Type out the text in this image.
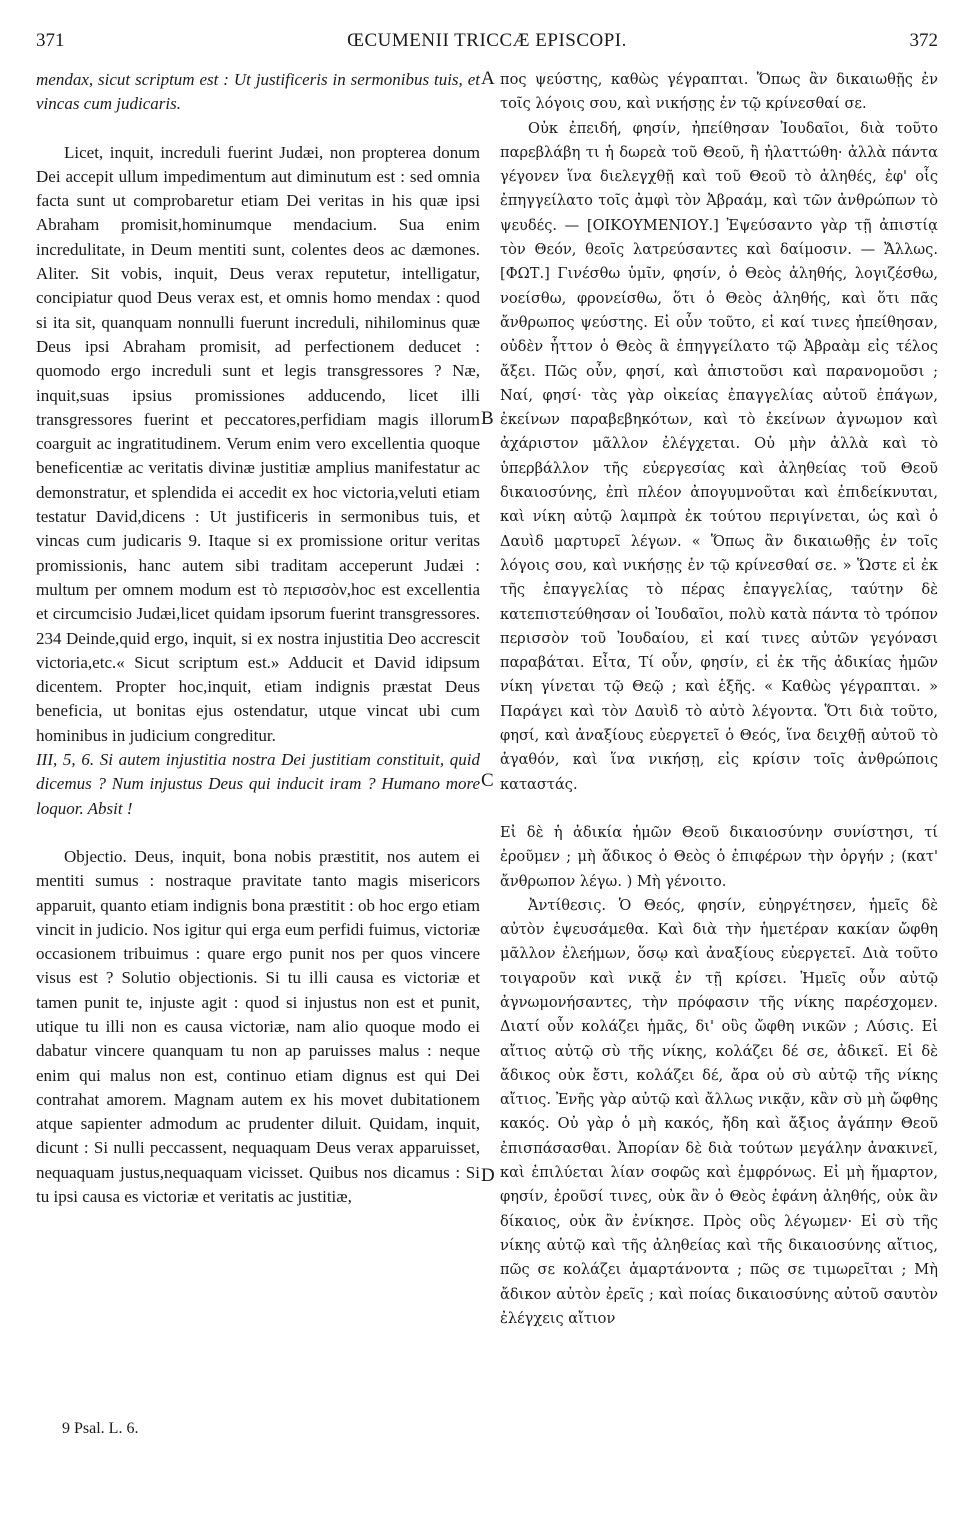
371	ŒCUMENII TRICCÆ EPISCOPI.	372

mendax, sicut scriptum est : Ut justificeris in sermonibus tuis, et vincas cum judicaris.

Licet, inquit, increduli fuerint Judæi, non propterea donum Dei accepit ullum impedimentum aut diminutum est : sed omnia facta sunt ut comprobaretur etiam Dei veritas in his quæ ipsi Abraham promisit,hominumque mendacium. Sua enim incredulitate, in Deum mentiti sunt, colentes deos ac dæmones. Aliter. Sit vobis, inquit, Deus verax reputetur, intelligatur, concipiatur quod Deus verax est, et omnis homo mendax : quod si ita sit, quanquam nonnulli fuerunt increduli, nihilominus quæ Deus ipsi Abraham promisit, ad perfectionem deducet : quomodo ergo increduli sunt et legis transgressores ? Næ, inquit,suas ipsius promissiones adducendo, licet illi transgressores fuerint et peccatores,perfidiam magis illorum coarguit ac ingratitudinem. Verum enim vero excellentia quoque beneficentiæ ac veritatis divinæ justitiæ amplius manifestatur ac demonstratur, et splendida ei accedit ex hoc victoria,veluti etiam testatur David,dicens : Ut justificeris in sermonibus tuis, et vincas cum judicaris 9. Itaque si ex promissione oritur veritas promissionis, hanc autem sibi traditam acceperunt Judæi : multum per omnem modum est τὸ περισσὸν,hoc est excellentia et circumcisio Judæi,licet quidam ipsorum fuerint transgressores. 234 Deinde,quid ergo, inquit, si ex nostra injustitia Deo accrescit victoria,etc.« Sicut scriptum est.» Adducit et David idipsum dicentem. Propter hoc,inquit, etiam indignis præstat Deus beneficia, ut bonitas ejus ostendatur, utque vincat ubi cum hominibus in judicium congreditur.

III, 5, 6. Si autem injustitia nostra Dei justitiam constituit, quid dicemus ? Num injustus Deus qui inducit iram ? Humano more loquor. Absit !

Objectio. Deus, inquit, bona nobis præstitit, nos autem ei mentiti sumus : nostraque pravitate tanto magis misericors apparuit, quanto etiam indignis bona præstitit : ob hoc ergo etiam vincit in judicio. Nos igitur qui erga eum perfidi fuimus, victoriæ occasionem tribuimus : quare ergo punit nos per quos vincere visus est ? Solutio objectionis. Si tu illi causa es victoriæ et tamen punit te, injuste agit : quod si injustus non est et punit, utique tu illi non es causa victoriæ, nam alio quoque modo ei dabatur vincere quanquam tu non ap paruisses malus : neque enim qui malus non est, continuo etiam dignus est qui Dei contrahat amorem. Magnam autem ex his movet dubitationem atque sapienter admodum ac prudenter diluit. Quidam, inquit, dicunt : Si nulli peccassent, nequaquam Deus verax apparuisset, nequaquam justus,nequaquam vicisset. Quibus nos dicamus : Si tu ipsi causa es victoriæ et veritatis ac justitiæ,

πος ψεύστης, καθὼς γέγραπται. Ὅπως ἂν δικαιωθῇς ἐν τοῖς λόγοις σου, καὶ νικήσῃς ἐν τῷ κρίνεσθαί σε.

Οὐκ ἐπειδή, φησίν, ἠπείθησαν Ἰουδαῖοι, διὰ τοῦτο παρεβλάβη τι ἡ δωρεὰ τοῦ Θεοῦ, ἢ ἠλαττώθη· ἀλλὰ πάντα γέγονεν ἵνα διελεγχθῇ καὶ τοῦ Θεοῦ τὸ ἀληθές, ἐφ' οἷς ἐπηγγείλατο τοῖς ἀμφὶ τὸν Ἀβραάμ, καὶ τῶν ἀνθρώπων τὸ ψευδές. — [ΟΙΚΟΥΜΕΝΙΟΥ.] Ἐψεύσαντο γὰρ τῇ ἀπιστίᾳ τὸν Θεόν, θεοῖς λατρεύσαντες καὶ δαίμοσιν. — Ἄλλως. [ΦΩΤ.] Γινέσθω ὑμῖν, φησίν, ὁ Θεὸς ἀληθής, λογιζέσθω, νοείσθω, φρονείσθω, ὅτι ὁ Θεὸς ἀληθής, καὶ ὅτι πᾶς ἄνθρωπος ψεύστης. Εἰ οὖν τοῦτο, εἰ καί τινες ἠπείθησαν, οὐδὲν ἧττον ὁ Θεὸς ἃ ἐπηγγείλατο τῷ Ἀβραὰμ εἰς τέλος ἄξει. Πῶς οὖν, φησί, καὶ ἀπιστοῦσι καὶ παρανομοῦσι ; Ναί, φησί· τὰς γὰρ οἰκείας ἐπαγγελίας αὐτοῦ ἐπάγων, ἐκείνων παραβεβηκότων, καὶ τὸ ἐκείνων ἀγνωμον καὶ ἀχάριστον μᾶλλον ἐλέγχεται. Οὐ μὴν ἀλλὰ καὶ τὸ ὑπερβάλλον τῆς εὐεργεσίας καὶ ἀληθείας τοῦ Θεοῦ δικαιοσύνης, ἐπὶ πλέον ἀπογυμνοῦται καὶ ἐπιδείκνυται, καὶ νίκη αὐτῷ λαμπρὰ ἐκ τούτου περιγίνεται, ὡς καὶ ὁ Δαυὶδ μαρτυρεῖ λέγων. « Ὅπως ἂν δικαιωθῇς ἐν τοῖς λόγοις σου, καὶ νικήσῃς ἐν τῷ κρίνεσθαί σε. » Ὥστε εἰ ἐκ τῆς ἐπαγγελίας τὸ πέρας ἐπαγγελίας, ταύτην δὲ κατεπιστεύθησαν οἱ Ἰουδαῖοι, πολὺ κατὰ πάντα τὸ τρόπον περισσὸν τοῦ Ἰουδαίου, εἰ καί τινες αὐτῶν γεγόνασι παραβάται. Εἶτα, Τί οὖν, φησίν, εἰ ἐκ τῆς ἀδικίας ἡμῶν νίκη γίνεται τῷ Θεῷ ; καὶ ἑξῆς. « Καθὼς γέγραπται. » Παράγει καὶ τὸν Δαυὶδ τὸ αὐτὸ λέγοντα. Ὅτι διὰ τοῦτο, φησί, καὶ ἀναξίους εὐεργετεῖ ὁ Θεός, ἵνα δειχθῇ αὐτοῦ τὸ ἀγαθόν, καὶ ἵνα νικήσῃ, εἰς κρίσιν τοῖς ἀνθρώποις καταστάς.

Εἰ δὲ ἡ ἀδικία ἡμῶν Θεοῦ δικαιοσύνην συνίστησι, τί ἐροῦμεν ; μὴ ἄδικος ὁ Θεὸς ὁ ἐπιφέρων τὴν ὀργήν ; (κατ' ἄνθρωπον λέγω. ) Μὴ γένοιτο.

Ἀντίθεσις. Ὁ Θεός, φησίν, εὐηργέτησεν, ἡμεῖς δὲ αὐτὸν ἐψευσάμεθα. Καὶ διὰ τὴν ἡμετέραν κακίαν ὤφθη μᾶλλον ἐλεήμων, ὅσῳ καὶ ἀναξίους εὐεργετεῖ. Διὰ τοῦτο τοιγαροῦν καὶ νικᾷ ἐν τῇ κρίσει. Ἡμεῖς οὖν αὐτῷ ἀγνωμονήσαντες, τὴν πρόφασιν τῆς νίκης παρέσχομεν. Διατί οὖν κολάζει ἡμᾶς, δι' οὓς ὤφθη νικῶν ; Λύσις. Εἰ αἴτιος αὐτῷ σὺ τῆς νίκης, κολάζει δέ σε, ἀδικεῖ. Εἰ δὲ ἄδικος οὐκ ἔστι, κολάζει δέ, ἄρα οὐ σὺ αὐτῷ τῆς νίκης αἴτιος. Ἐνῆς γὰρ αὐτῷ καὶ ἄλλως νικᾷν, κἂν σὺ μὴ ὤφθης κακός. Οὐ γὰρ ὁ μὴ κακός, ἤδη καὶ ἄξιος ἀγάπην Θεοῦ ἐπισπάσασθαι. Ἀπορίαν δὲ διὰ τούτων μεγάλην ἀνακινεῖ, καὶ ἐπιλύεται λίαν σοφῶς καὶ ἐμφρόνως. Εἰ μὴ ἥμαρτον, φησίν, ἐροῦσί τινες, οὐκ ἂν ὁ Θεὸς ἐφάνη ἀληθής, οὐκ ἂν δίκαιος, οὐκ ἂν ἐνίκησε. Πρὸς οὓς λέγωμεν· Εἰ σὺ τῆς νίκης αὐτῷ καὶ τῆς ἀληθείας καὶ τῆς δικαιοσύνης αἴτιος, πῶς σε κολάζει ἁμαρτάνοντα ; πῶς σε τιμωρεῖται ; Μὴ ἄδικον αὐτὸν ἐρεῖς ; καὶ ποίας δικαιοσύνης αὐτοῦ σαυτὸν ἐλέγχεις αἴτιον

A
B
C
D
9 Psal. L. 6.
